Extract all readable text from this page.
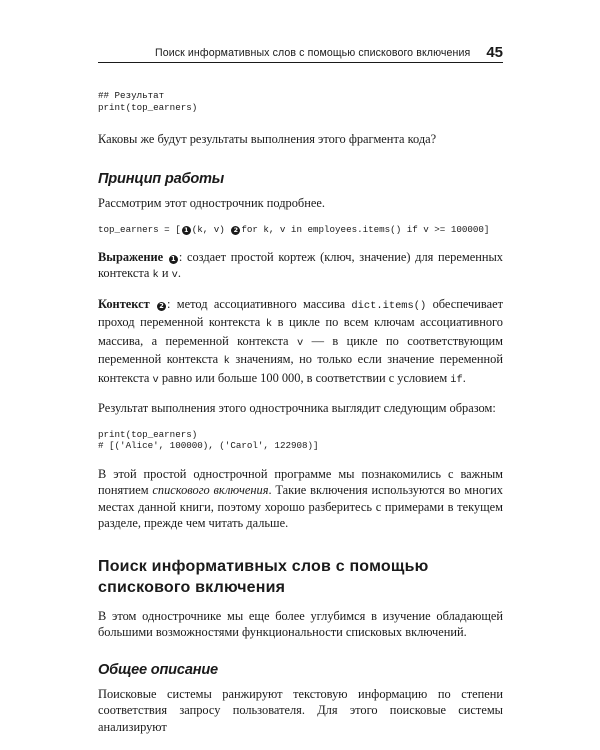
Поиск информативных слов с помощью спискового включения 45
## Результат
print(top_earners)

Каковы же будут результаты выполнения этого фрагмента кода?

Принцип работы

Рассмотрим этот однострочник подробнее.

top_earners = [ 1 (k, v) 2 for k, v in employees.items() if v >= 100000]

Выражение 1 : создает простой кортеж (ключ, значение) для переменных контекста k и v.

Контекст 2 : метод ассоциативного массива dict.items() обеспечивает проход переменной контекста k в цикле по всем ключам ассоциативного массива, а переменной контекста v — в цикле по соответствующим переменной контекста k значениям, но только если значение переменной контекста v равно или больше 100 000, в соответствии с условием if.

Результат выполнения этого однострочника выглядит следующим образом:

print(top_earners)
# [('Alice', 100000), ('Carol', 122908)]

В этой простой однострочной программе мы познакомились с важным понятием спискового включения. Такие включения используются во многих местах данной книги, поэтому хорошо разберитесь с примерами в текущем разделе, прежде чем читать дальше.

Поиск информативных слов с помощью
спискового включения

В этом однострочнике мы еще более углубимся в изучение обладающей большими возможностями функциональности списковых включений.

Общее описание

Поисковые системы ранжируют текстовую информацию по степени соответствия запросу пользователя. Для этого поисковые системы анализируют
